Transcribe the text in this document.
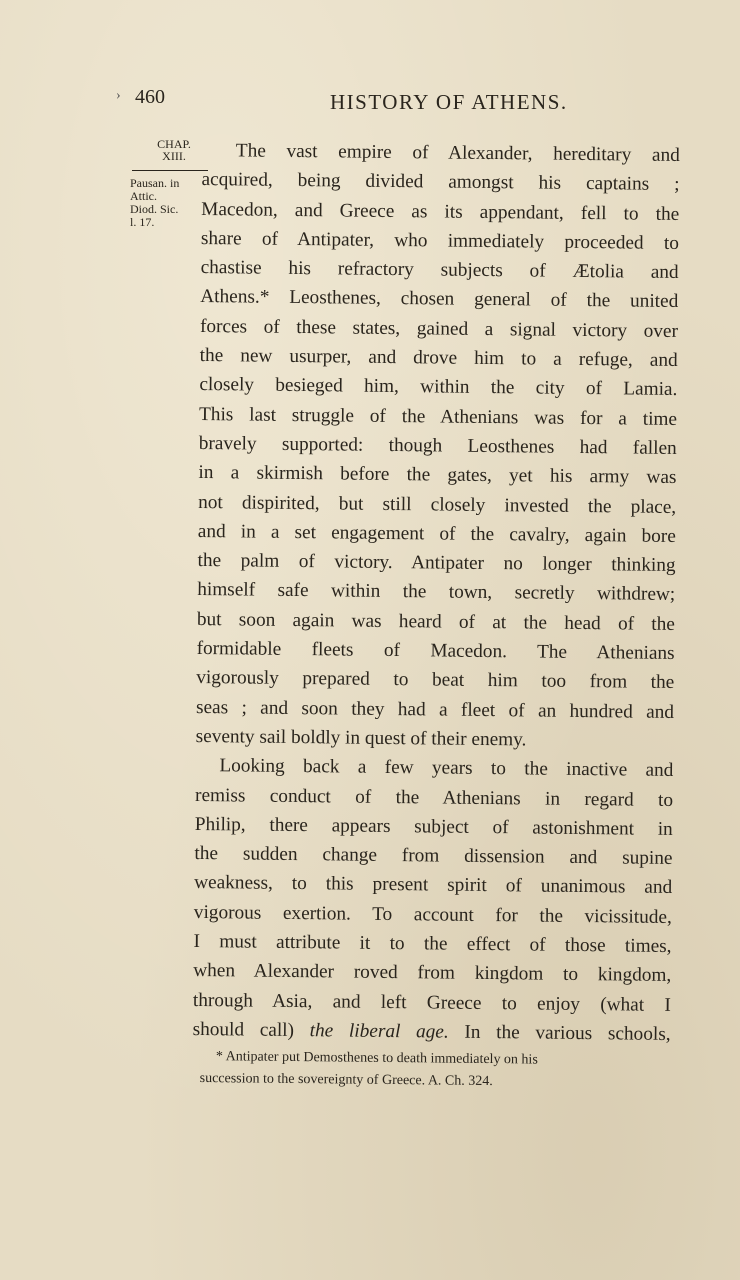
› 460	HISTORY OF ATHENS.
CHAP.
XIII.
Pausan. in
Attic.
Diod. Sic.
l. 17.
The vast empire of Alexander, hereditary and
acquired, being divided amongst his captains ;
Macedon, and Greece as its appendant, fell to the
share of Antipater, who immediately proceeded to
chastise his refractory subjects of Ætolia and
Athens.* Leosthenes, chosen general of the united
forces of these states, gained a signal victory over
the new usurper, and drove him to a refuge, and
closely besieged him, within the city of Lamia.
This last struggle of the Athenians was for a time
bravely supported: though Leosthenes had fallen
in a skirmish before the gates, yet his army was
not dispirited, but still closely invested the place,
and in a set engagement of the cavalry, again bore
the palm of victory. Antipater no longer thinking
himself safe within the town, secretly withdrew;
but soon again was heard of at the head of the
formidable fleets of Macedon. The Athenians
vigorously prepared to beat him too from the
seas ; and soon they had a fleet of an hundred and
seventy sail boldly in quest of their enemy.
Looking back a few years to the inactive and
remiss conduct of the Athenians in regard to
Philip, there appears subject of astonishment in
the sudden change from dissension and supine
weakness, to this present spirit of unanimous and
vigorous exertion. To account for the vicissitude,
I must attribute it to the effect of those times,
when Alexander roved from kingdom to kingdom,
through Asia, and left Greece to enjoy (what I
should call) the liberal age. In the various schools,
* Antipater put Demosthenes to death immediately on his
succession to the sovereignty of Greece. A. Ch. 324.
